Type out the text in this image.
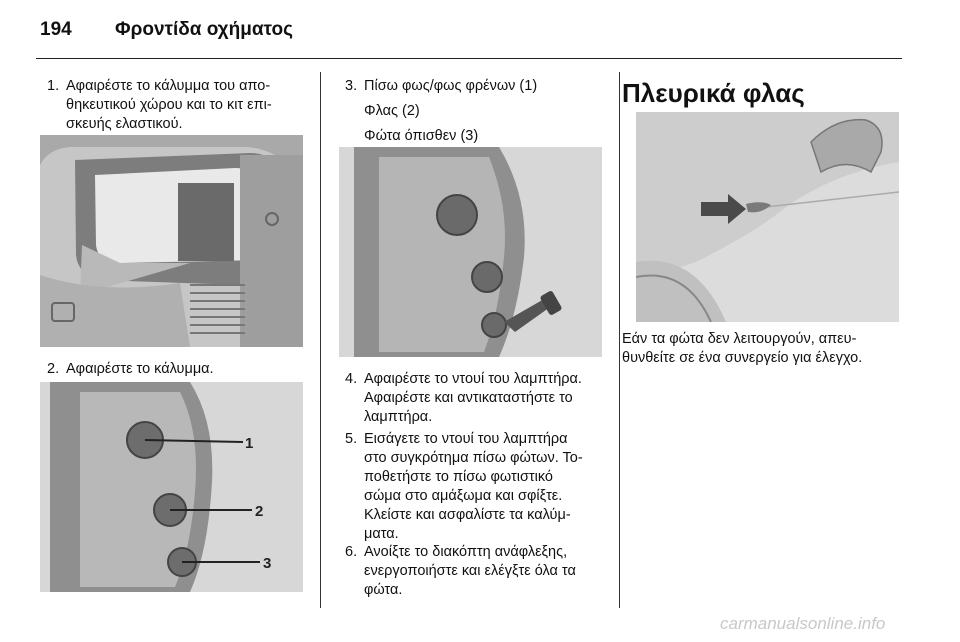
194 Φροντίδα οχήματος
1. Αφαιρέστε το κάλυμμα του απο-
θηκευτικού χώρου και το κιτ επι-
σκευής ελαστικού.
2. Αφαιρέστε το κάλυμμα.
1
2
3
3. Πίσω φως/φως φρένων (1)
Φλας (2)
Φώτα όπισθεν (3)
4. Αφαιρέστε το ντουί του λαμπτήρα.
Αφαιρέστε και αντικαταστήστε το
λαμπτήρα.
5. Εισάγετε το ντουί του λαμπτήρα
στο συγκρότημα πίσω φώτων. Το-
ποθετήστε το πίσω φωτιστικό
σώμα στο αμάξωμα και σφίξτε.
Κλείστε και ασφαλίστε τα καλύμ-
ματα.
6. Ανοίξτε το διακόπτη ανάφλεξης,
ενεργοποιήστε και ελέγξτε όλα τα
φώτα.
Πλευρικά φλας
Εάν τα φώτα δεν λειτουργούν, απευ-
θυνθείτε σε ένα συνεργείο για έλεγχο.
carmanualsonline.info
